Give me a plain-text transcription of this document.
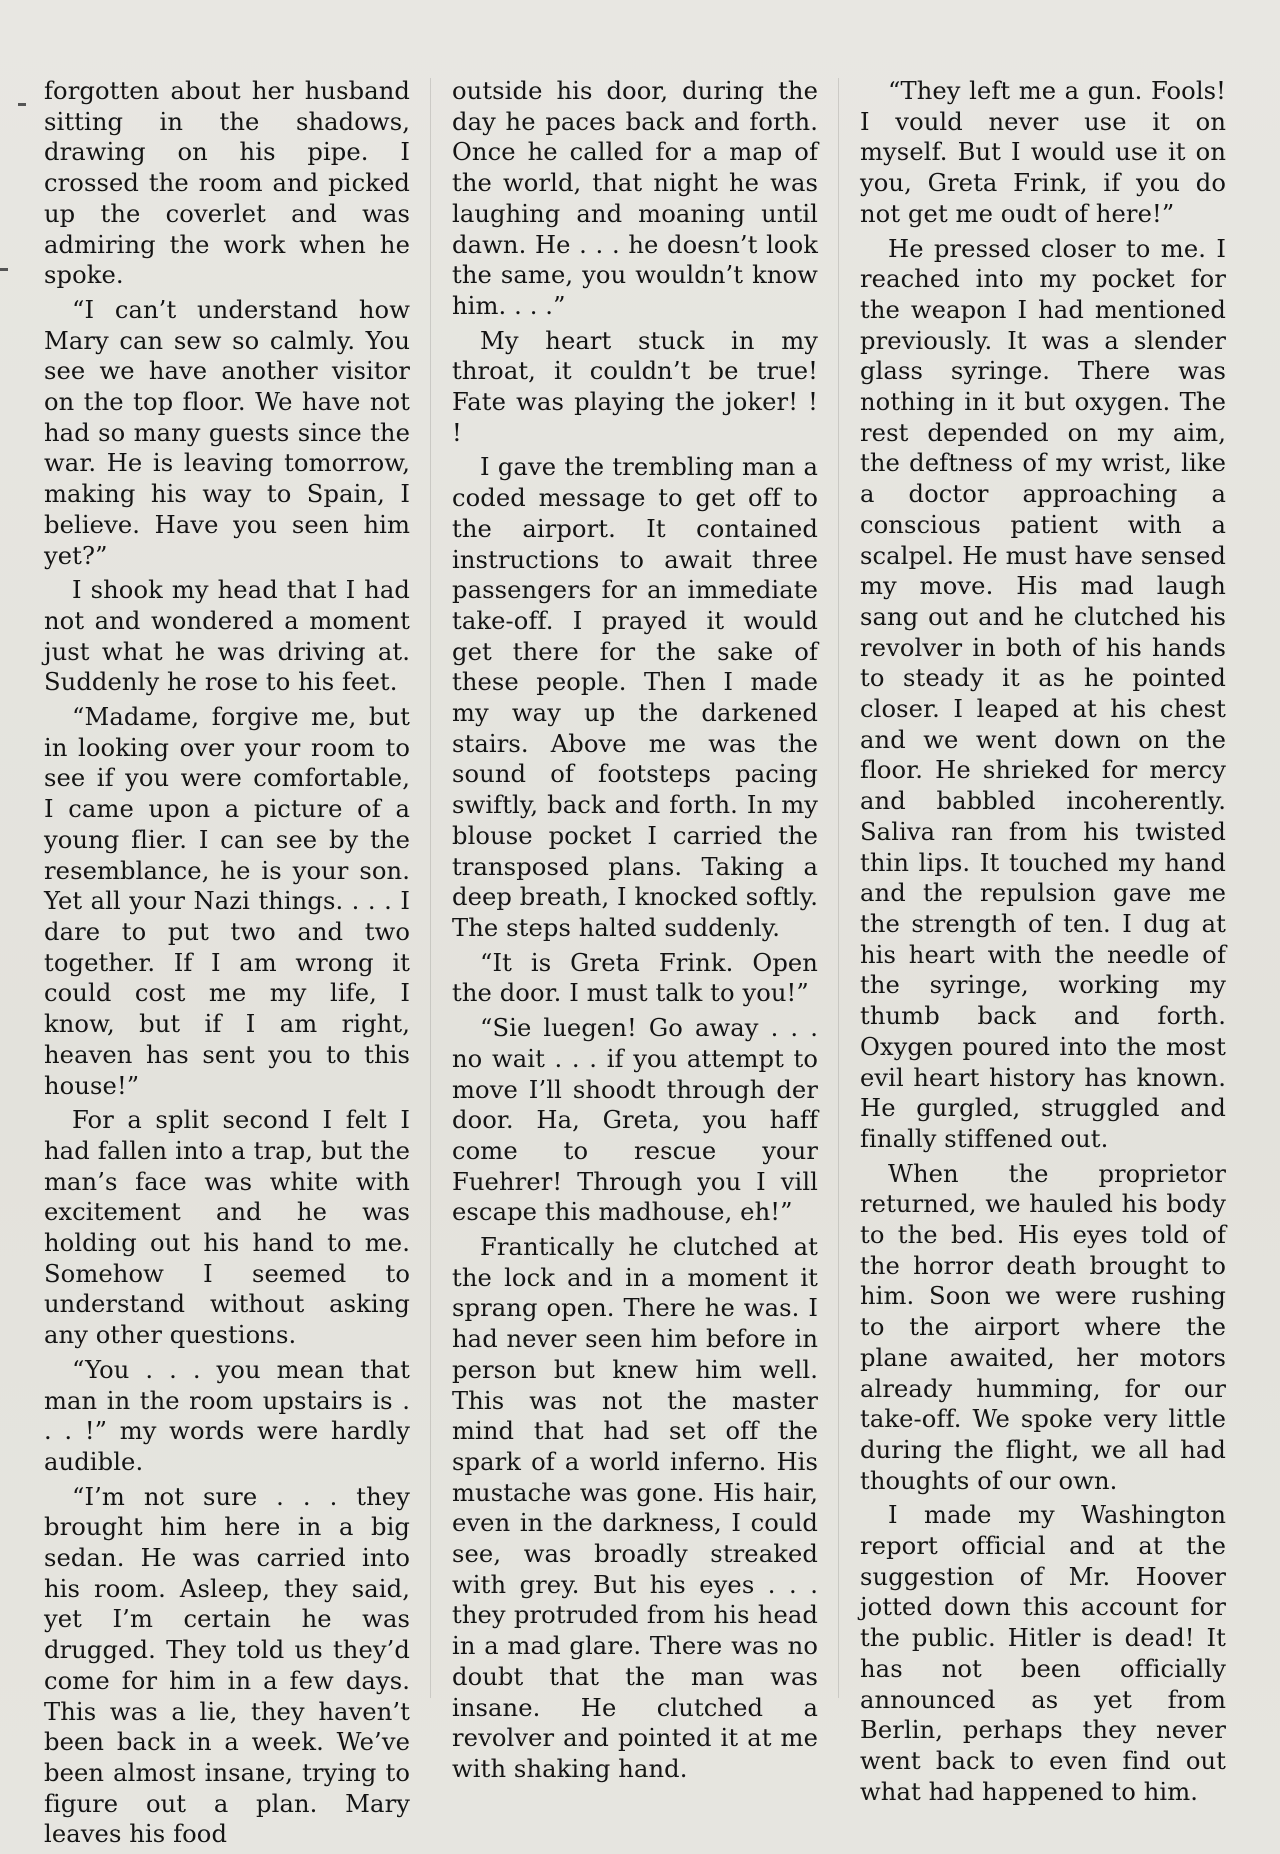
forgotten about her husband sitting in the shadows, drawing on his pipe. I crossed the room and picked up the coverlet and was admiring the work when he spoke.

“I can’t understand how Mary can sew so calmly. You see we have another visitor on the top floor. We have not had so many guests since the war. He is leaving tomorrow, making his way to Spain, I believe. Have you seen him yet?”

I shook my head that I had not and wondered a moment just what he was driving at. Suddenly he rose to his feet.

“Madame, forgive me, but in looking over your room to see if you were comfortable, I came upon a picture of a young flier. I can see by the resemblance, he is your son. Yet all your Nazi things. . . . I dare to put two and two together. If I am wrong it could cost me my life, I know, but if I am right, heaven has sent you to this house!”

For a split second I felt I had fallen into a trap, but the man’s face was white with excitement and he was holding out his hand to me. Somehow I seemed to understand without asking any other questions.

“You . . . you mean that man in the room upstairs is . . . !” my words were hardly audible.

“I’m not sure . . . they brought him here in a big sedan. He was carried into his room. Asleep, they said, yet I’m certain he was drugged. They told us they’d come for him in a few days. This was a lie, they haven’t been back in a week. We’ve been almost insane, trying to figure out a plan. Mary leaves his food

outside his door, during the day he paces back and forth. Once he called for a map of the world, that night he was laughing and moaning until dawn. He . . . he doesn’t look the same, you wouldn’t know him. . . .”

My heart stuck in my throat, it couldn’t be true! Fate was playing the joker! ! !

I gave the trembling man a coded message to get off to the airport. It contained instructions to await three passengers for an immediate take-off. I prayed it would get there for the sake of these people. Then I made my way up the darkened stairs. Above me was the sound of footsteps pacing swiftly, back and forth. In my blouse pocket I carried the transposed plans. Taking a deep breath, I knocked softly. The steps halted suddenly.

“It is Greta Frink. Open the door. I must talk to you!”

“Sie luegen! Go away . . . no wait . . . if you attempt to move I’ll shoodt through der door. Ha, Greta, you haff come to rescue your Fuehrer! Through you I vill escape this madhouse, eh!”

Frantically he clutched at the lock and in a moment it sprang open. There he was. I had never seen him before in person but knew him well. This was not the master mind that had set off the spark of a world inferno. His mustache was gone. His hair, even in the darkness, I could see, was broadly streaked with grey. But his eyes . . . they protruded from his head in a mad glare. There was no doubt that the man was insane. He clutched a revolver and pointed it at me with shaking hand.

“They left me a gun. Fools! I vould never use it on myself. But I would use it on you, Greta Frink, if you do not get me oudt of here!”

He pressed closer to me. I reached into my pocket for the weapon I had mentioned previously. It was a slender glass syringe. There was nothing in it but oxygen. The rest depended on my aim, the deftness of my wrist, like a doctor approaching a conscious patient with a scalpel. He must have sensed my move. His mad laugh sang out and he clutched his revolver in both of his hands to steady it as he pointed closer. I leaped at his chest and we went down on the floor. He shrieked for mercy and babbled incoherently. Saliva ran from his twisted thin lips. It touched my hand and the repulsion gave me the strength of ten. I dug at his heart with the needle of the syringe, working my thumb back and forth. Oxygen poured into the most evil heart history has known. He gurgled, struggled and finally stiffened out.

When the proprietor returned, we hauled his body to the bed. His eyes told of the horror death brought to him. Soon we were rushing to the airport where the plane awaited, her motors already humming, for our take-off. We spoke very little during the flight, we all had thoughts of our own.

I made my Washington report official and at the suggestion of Mr. Hoover jotted down this account for the public. Hitler is dead! It has not been officially announced as yet from Berlin, perhaps they never went back to even find out what had happened to him.
